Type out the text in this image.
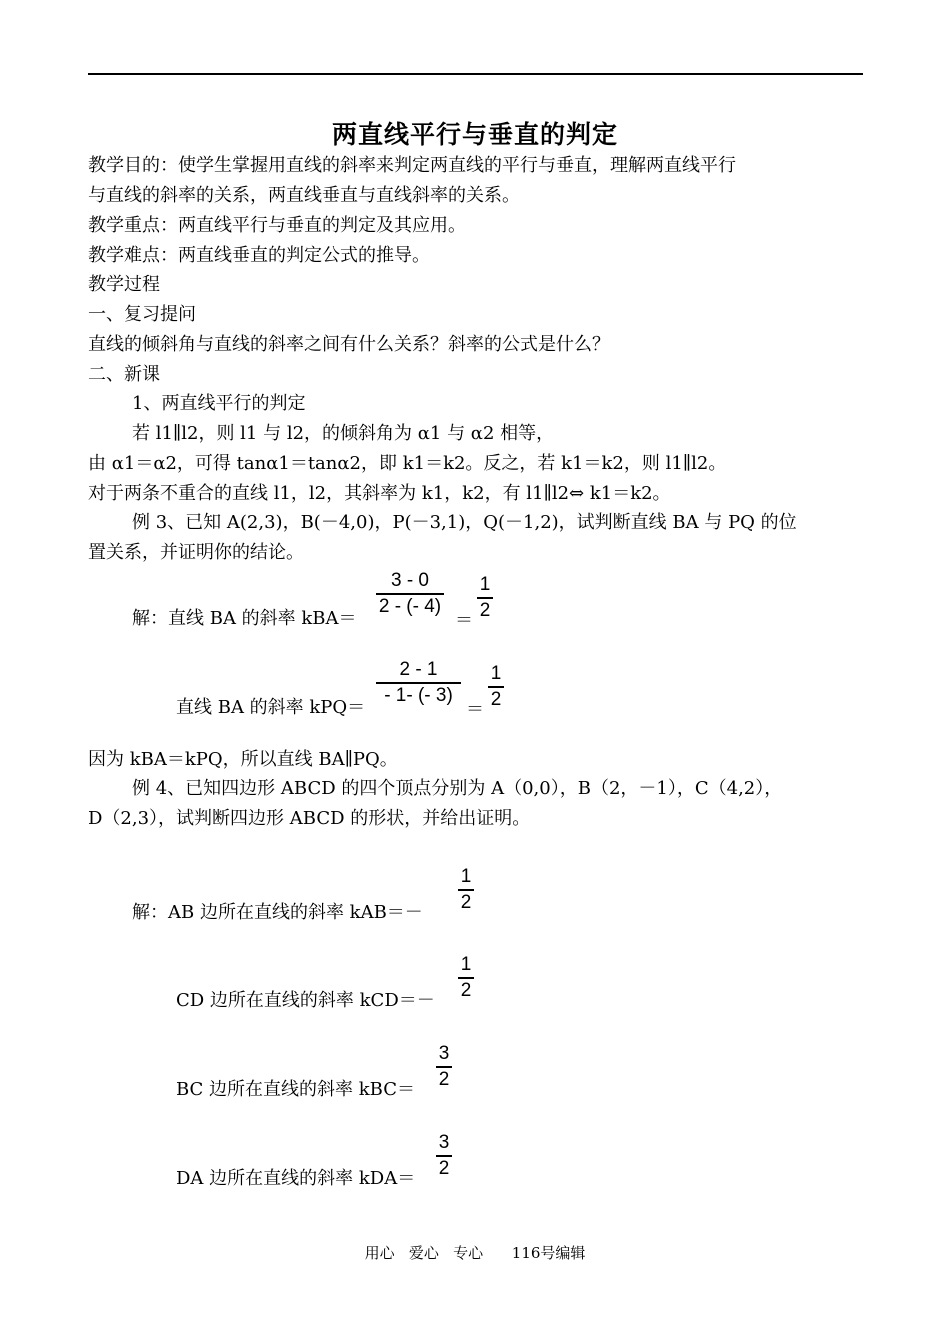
两直线平行与垂直的判定
教学目的：使学生掌握用直线的斜率来判定两直线的平行与垂直，理解两直线平行
与直线的斜率的关系，两直线垂直与直线斜率的关系。
教学重点：两直线平行与垂直的判定及其应用。
教学难点：两直线垂直的判定公式的推导。
教学过程
一、复习提问
直线的倾斜角与直线的斜率之间有什么关系？斜率的公式是什么？
二、新课
1、两直线平行的判定
若 l1∥l2，则 l1 与 l2，的倾斜角为 α1 与 α2 相等，
由 α1＝α2，可得 tanα1＝tanα2，即 k1＝k2。反之，若 k1＝k2，则 l1∥l2。
对于两条不重合的直线 l1，l2，其斜率为 k1，k2，有 l1∥l2⇔ k1＝k2。
例 3、已知 A(2,3)，B(－4,0)，P(－3,1)，Q(－1,2)，试判断直线 BA 与 PQ 的位
置关系，并证明你的结论。
解：直线 BA 的斜率 kBA＝
3 - 0
2 - (- 4)
＝
1
2
直线 BA 的斜率 kPQ＝
2 - 1
- 1- (- 3)
＝
1
2
因为 kBA＝kPQ，所以直线 BA∥PQ。
例 4、已知四边形 ABCD 的四个顶点分别为 A（0,0），B（2，－1），C（4,2），
D（2,3），试判断四边形 ABCD 的形状，并给出证明。
解：AB 边所在直线的斜率 kAB＝－
1
2
CD 边所在直线的斜率 kCD＝－
1
2
BC 边所在直线的斜率 kBC＝
3
2
DA 边所在直线的斜率 kDA＝
3
2
用心   爱心   专心      116号编辑
